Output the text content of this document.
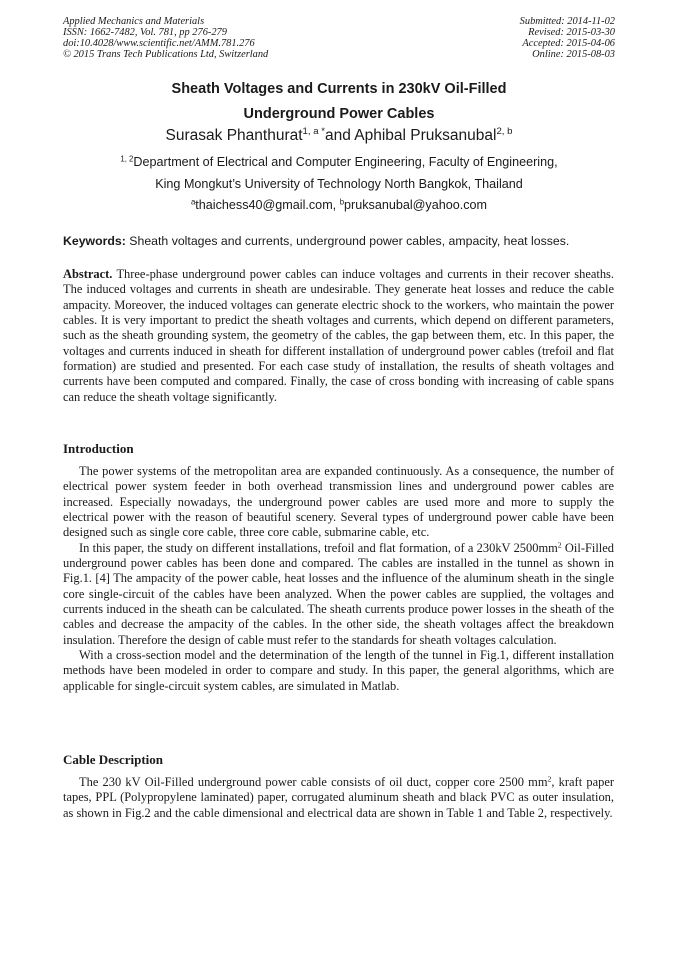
Applied Mechanics and Materials
ISSN: 1662-7482, Vol. 781, pp 276-279
doi:10.4028/www.scientific.net/AMM.781.276
© 2015 Trans Tech Publications Ltd, Switzerland
Submitted: 2014-11-02
Revised: 2015-03-30
Accepted: 2015-04-06
Online: 2015-08-03
Sheath Voltages and Currents in 230kV Oil-Filled
Underground Power Cables
Surasak Phanthurat$^{1, a *}$and Aphibal Pruksanubal$^{2, b}$
$^{1, 2}$Department of Electrical and Computer Engineering, Faculty of Engineering,
King Mongkut’s University of Technology North Bangkok, Thailand
$^a$thaichess40@gmail.com, $^b$pruksanubal@yahoo.com
Keywords: Sheath voltages and currents, underground power cables, ampacity, heat losses.
Abstract. Three-phase underground power cables can induce voltages and currents in their recover sheaths. The induced voltages and currents in sheath are undesirable. They generate heat losses and reduce the cable ampacity. Moreover, the induced voltages can generate electric shock to the workers, who maintain the power cables. It is very important to predict the sheath voltages and currents, which depend on different parameters, such as the sheath grounding system, the geometry of the cables, the gap between them, etc. In this paper, the voltages and currents induced in sheath for different installation of underground power cables (trefoil and flat formation) are studied and presented. For each case study of installation, the results of sheath voltages and currents have been computed and compared. Finally, the case of cross bonding with increasing of cable spans can reduce the sheath voltage significantly.
Introduction

The power systems of the metropolitan area are expanded continuously. As a consequence, the number of electrical power system feeder in both overhead transmission lines and underground power cables are increased. Especially nowadays, the underground power cables are used more and more to supply the electrical power with the reason of beautiful scenery. Several types of underground power cable have been designed such as single core cable, three core cable, submarine cable, etc.

In this paper, the study on different installations, trefoil and flat formation, of a 230kV $2500mm^2$ Oil-Filled underground power cables has been done and compared. The cables are installed in the tunnel as shown in Fig.1. [4] The ampacity of the power cable, heat losses and the influence of the aluminum sheath in the single core single-circuit of the cables have been analyzed. When the power cables are supplied, the voltages and currents induced in the sheath can be calculated. The sheath currents produce power losses in the sheath of the cables and decrease the ampacity of the cables. In the other side, the sheath voltages affect the breakdown insulation. Therefore the design of cable must refer to the standards for sheath voltages calculation.

With a cross-section model and the determination of the length of the tunnel in Fig.1, different installation methods have been modeled in order to compare and study. In this paper, the general algorithms, which are applicable for single-circuit system cables, are simulated in Matlab.

Cable Description

The 230 kV Oil-Filled underground power cable consists of oil duct, copper core 2500 $mm^2$, kraft paper tapes, PPL (Polypropylene laminated) paper, corrugated aluminum sheath and black PVC as outer insulation, as shown in Fig.2 and the cable dimensional and electrical data are shown in Table 1 and Table 2, respectively.
